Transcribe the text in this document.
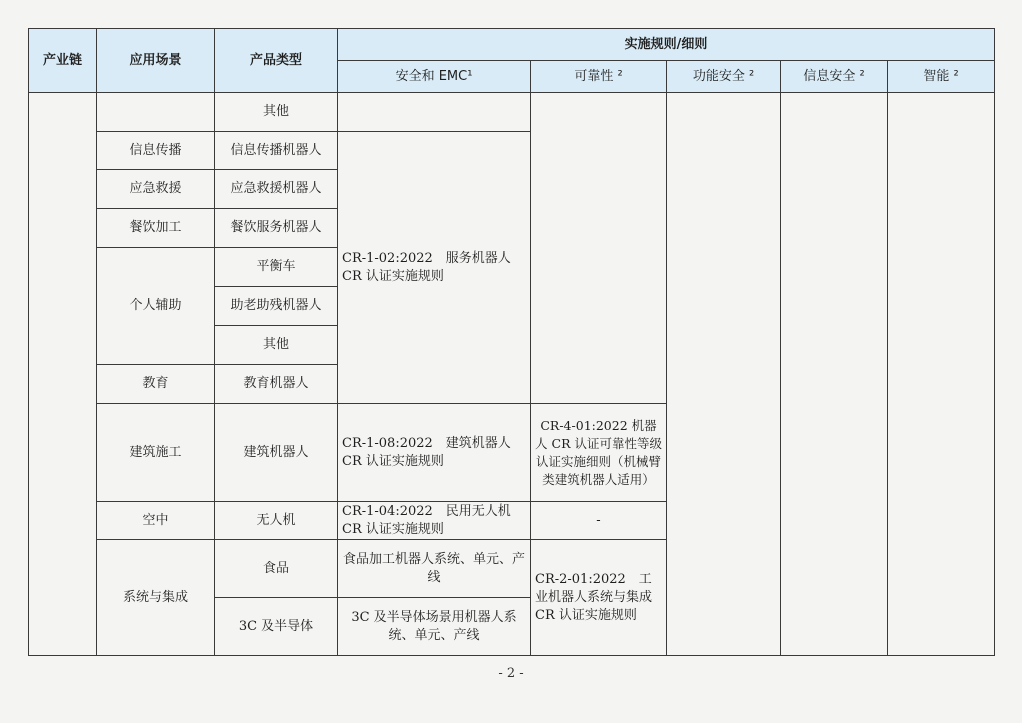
产业链	应用场景	产品类型	实施规则/细则					
			安全和 EMC¹	可靠性 ²	功能安全 ²	信息安全 ²	智能 ²	
		其他						
	信息传播	信息传播机器人	CR-1-02:2022　服务机器人 CR 认证实施规则					
	应急救援	应急救援机器人						
	餐饮加工	餐饮服务机器人						
	个人辅助	平衡车						
		助老助残机器人						
		其他						
	教育	教育机器人						
	建筑施工	建筑机器人	CR-1-08:2022　建筑机器人 CR 认证实施规则	CR-4-01:2022 机器人 CR 认证可靠性等级认证实施细则（机械臂类建筑机器人适用）				
	空中	无人机	CR-1-04:2022　民用无人机 CR 认证实施规则	-				
	系统与集成	食品	食品加工机器人系统、单元、产线	CR-2-01:2022　工业机器人系统与集成 CR 认证实施规则			
		3C 及半导体	3C 及半导体场景用机器人系统、单元、产线					
- 2 -
